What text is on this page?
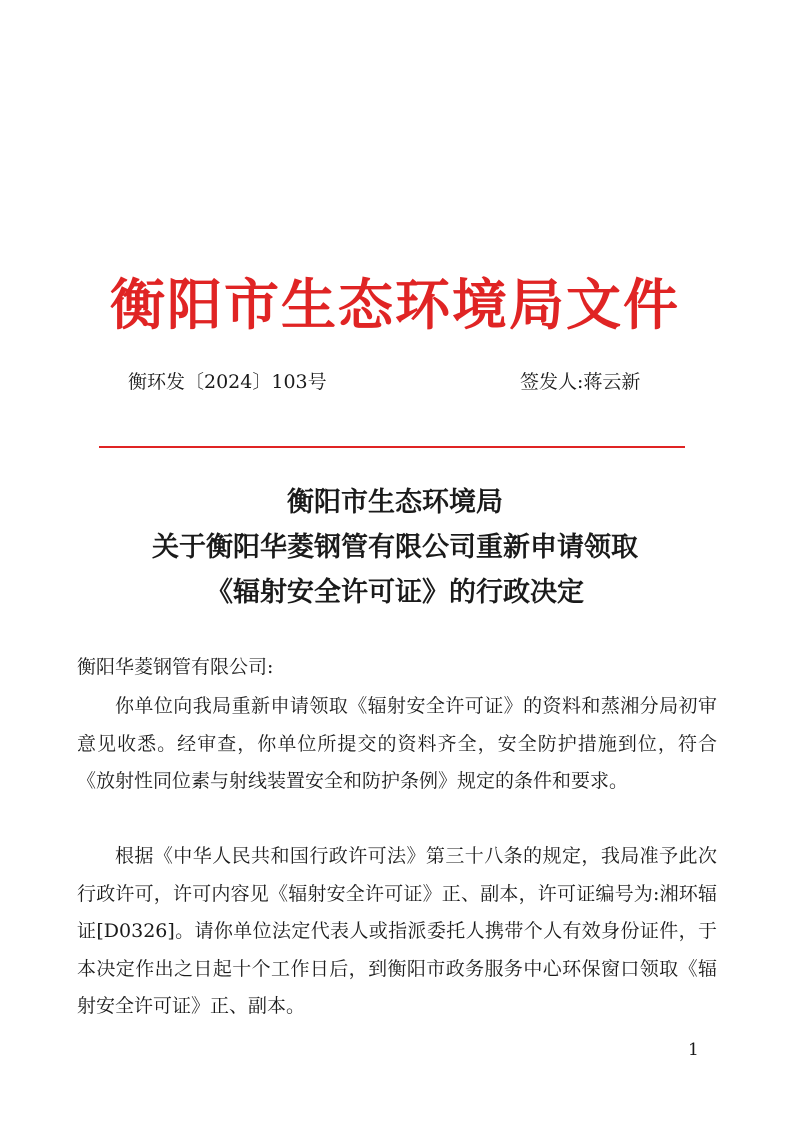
衡阳市生态环境局文件
衡环发〔2024〕103号	签发人:蒋云新
衡阳市生态环境局
关于衡阳华菱钢管有限公司重新申请领取
《辐射安全许可证》的行政决定
衡阳华菱钢管有限公司:
你单位向我局重新申请领取《辐射安全许可证》的资料和蒸湘分局初审意见收悉。经审查，你单位所提交的资料齐全，安全防护措施到位，符合《放射性同位素与射线装置安全和防护条例》规定的条件和要求。
根据《中华人民共和国行政许可法》第三十八条的规定，我局准予此次行政许可，许可内容见《辐射安全许可证》正、副本，许可证编号为:湘环辐证[D0326]。请你单位法定代表人或指派委托人携带个人有效身份证件，于本决定作出之日起十个工作日后，到衡阳市政务服务中心环保窗口领取《辐射安全许可证》正、副本。
1
